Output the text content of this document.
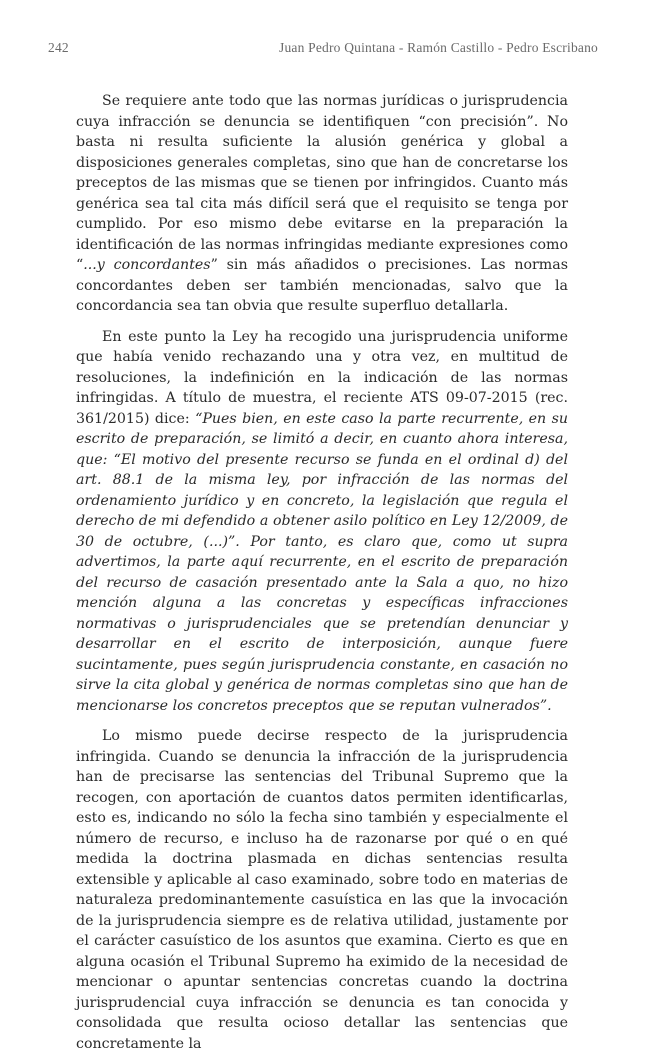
242	Juan Pedro Quintana - Ramón Castillo - Pedro Escribano

Se requiere ante todo que las normas jurídicas o jurisprudencia cuya infracción se denuncia se identifiquen “con precisión”. No basta ni resulta suficiente la alusión genérica y global a disposiciones generales completas, sino que han de concretarse los preceptos de las mismas que se tienen por infringidos. Cuanto más genérica sea tal cita más difícil será que el requisito se tenga por cumplido. Por eso mismo debe evitarse en la preparación la identificación de las normas infringidas mediante expresiones como “...y concordantes” sin más añadidos o precisiones. Las normas concordantes deben ser también mencionadas, salvo que la concordancia sea tan obvia que resulte superfluo detallarla.

En este punto la Ley ha recogido una jurisprudencia uniforme que había venido rechazando una y otra vez, en multitud de resoluciones, la indefinición en la indicación de las normas infringidas. A título de muestra, el reciente ATS 09-07-2015 (rec. 361/2015) dice: “Pues bien, en este caso la parte recurrente, en su escrito de preparación, se limitó a decir, en cuanto ahora interesa, que: “El motivo del presente recurso se funda en el ordinal d) del art. 88.1 de la misma ley, por infracción de las normas del ordenamiento jurídico y en concreto, la legislación que regula el derecho de mi defendido a obtener asilo político en Ley 12/2009, de 30 de octubre, (...)”. Por tanto, es claro que, como ut supra advertimos, la parte aquí recurrente, en el escrito de preparación del recurso de casación presentado ante la Sala a quo, no hizo mención alguna a las concretas y específicas infracciones normativas o jurisprudenciales que se pretendían denunciar y desarrollar en el escrito de interposición, aunque fuere sucintamente, pues según jurisprudencia constante, en casación no sirve la cita global y genérica de normas completas sino que han de mencionarse los concretos preceptos que se reputan vulnerados”.

Lo mismo puede decirse respecto de la jurisprudencia infringida. Cuando se denuncia la infracción de la jurisprudencia han de precisarse las sentencias del Tribunal Supremo que la recogen, con aportación de cuantos datos permiten identificarlas, esto es, indicando no sólo la fecha sino también y especialmente el número de recurso, e incluso ha de razonarse por qué o en qué medida la doctrina plasmada en dichas sentencias resulta extensible y aplicable al caso examinado, sobre todo en materias de naturaleza predominantemente casuística en las que la invocación de la jurisprudencia siempre es de relativa utilidad, justamente por el carácter casuístico de los asuntos que examina. Cierto es que en alguna ocasión el Tribunal Supremo ha eximido de la necesidad de mencionar o apuntar sentencias concretas cuando la doctrina jurisprudencial cuya infracción se denuncia es tan conocida y consolidada que resulta ocioso detallar las sentencias que concretamente la
